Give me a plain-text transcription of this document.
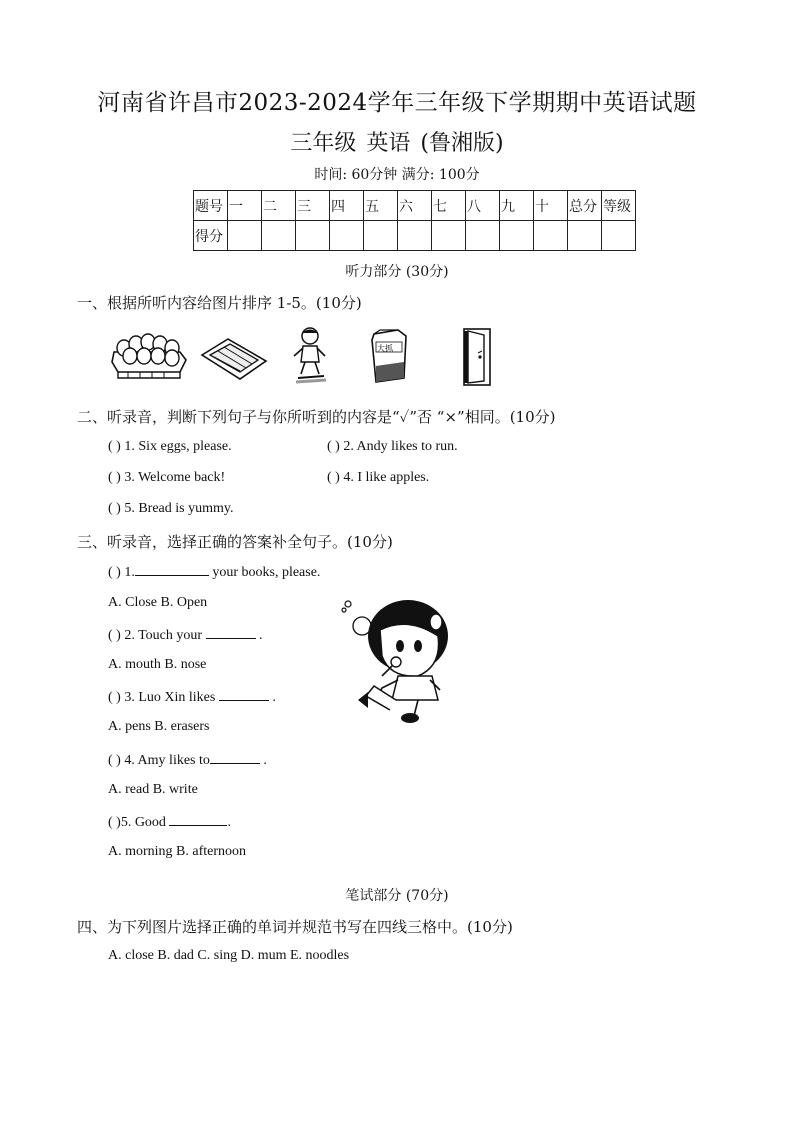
河南省许昌市2023-2024学年三年级下学期期中英语试题
三年级 英语 (鲁湘版)
时间: 60分钟 满分: 100分
题号	一	二	三	四	五	六	七	八	九	十	总分	等级
得分												
听力部分 (30分)
一、根据所听内容给图片排序 1-5。(10分)
大抓
二、听录音，判断下列句子与你所听到的内容是“✓”否 “×”相同。(10分)
( ) 1. Six eggs, please.	( ) 2. Andy likes to run.
( ) 3. Welcome back!	( ) 4. I like apples.
( ) 5. Bread is yummy.
三、听录音，选择正确的答案补全句子。(10分)
( ) 1.	your books, please.
A. Close B. Open
( ) 2. Touch your	.
A. mouth B. nose
( ) 3. Luo Xin likes	.
A. pens B. erasers
( ) 4. Amy likes to	.
A. read B. write
( )5. Good	.
A. morning B. afternoon
笔试部分 (70分)
四、为下列图片选择正确的单词并规范书写在四线三格中。(10分)
A. close B. dad C. sing D. mum E. noodles
